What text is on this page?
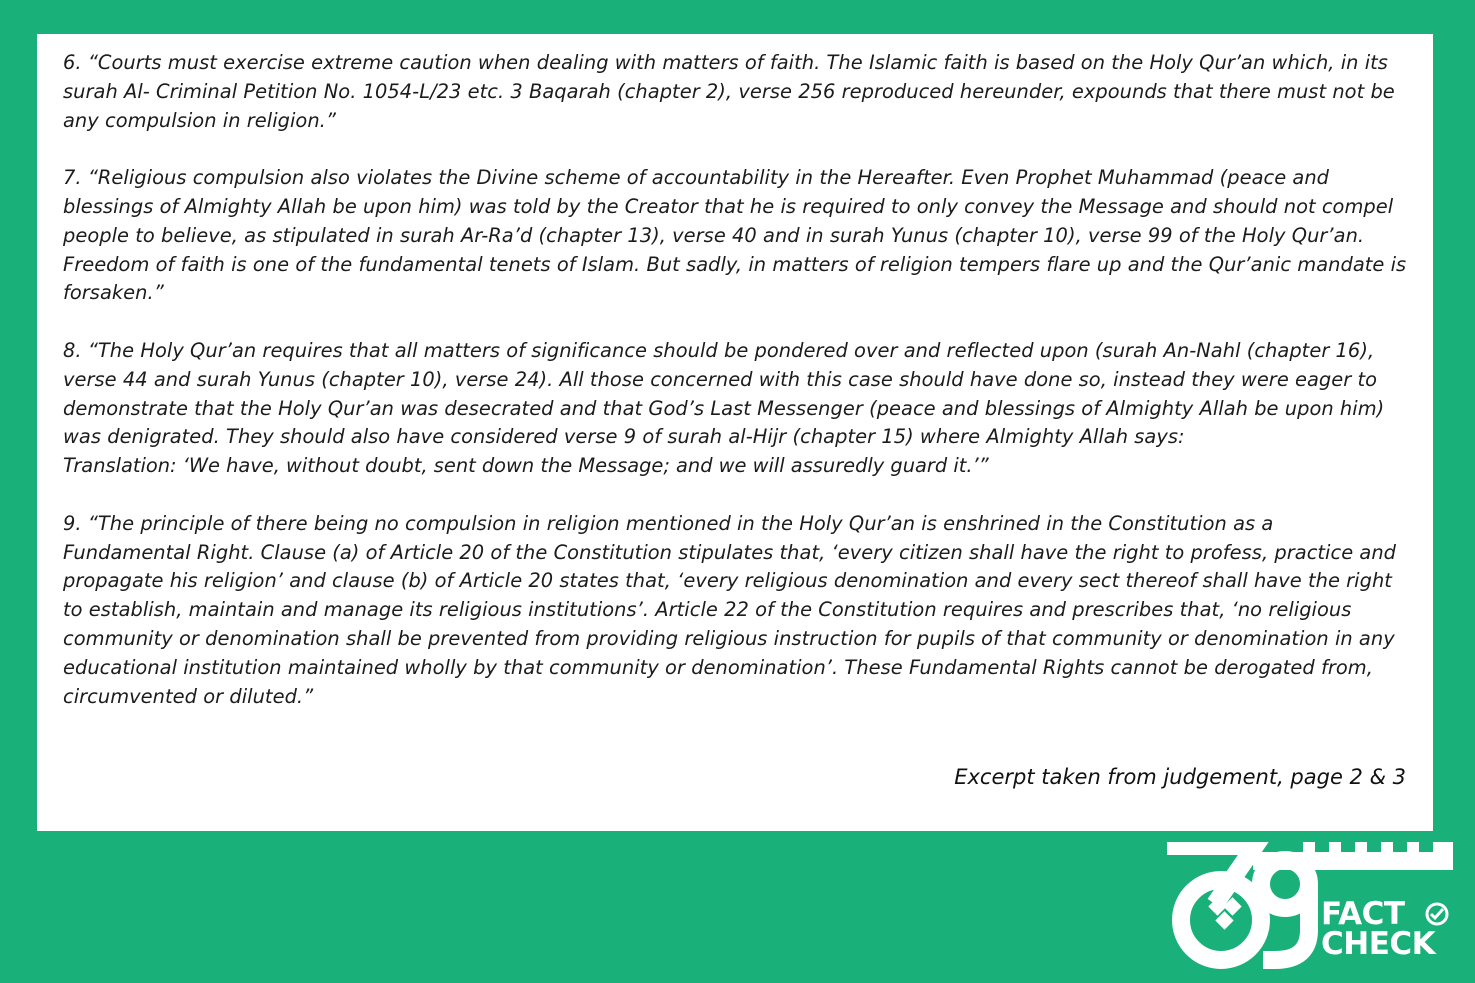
6. “Courts must exercise extreme caution when dealing with matters of faith. The Islamic faith is based on the Holy Qur’an which, in its surah Al- Criminal Petition No. 1054-L/23 etc. 3 Baqarah (chapter 2), verse 256 reproduced hereunder, expounds that there must not be any compulsion in religion.”

7. “Religious compulsion also violates the Divine scheme of accountability in the Hereafter. Even Prophet Muhammad (peace and blessings of Almighty Allah be upon him) was told by the Creator that he is required to only convey the Message and should not compel people to believe, as stipulated in surah Ar-Ra’d (chapter 13), verse 40 and in surah Yunus (chapter 10), verse 99 of the Holy Qur’an. Freedom of faith is one of the fundamental tenets of Islam. But sadly, in matters of religion tempers flare up and the Qur’anic mandate is forsaken.”

8. “The Holy Qur’an requires that all matters of significance should be pondered over and reflected upon (surah An-Nahl (chapter 16), verse 44 and surah Yunus (chapter 10), verse 24). All those concerned with this case should have done so, instead they were eager to demonstrate that the Holy Qur’an was desecrated and that God’s Last Messenger (peace and blessings of Almighty Allah be upon him) was denigrated. They should also have considered verse 9 of surah al-Hijr (chapter 15) where Almighty Allah says:

Translation: ‘We have, without doubt, sent down the Message; and we will assuredly guard it.’”

9. “The principle of there being no compulsion in religion mentioned in the Holy Qur’an is enshrined in the Constitution as a Fundamental Right. Clause (a) of Article 20 of the Constitution stipulates that, ‘every citizen shall have the right to profess, practice and propagate his religion’ and clause (b) of Article 20 states that, ‘every religious denomination and every sect thereof shall have the right to establish, maintain and manage its religious institutions’. Article 22 of the Constitution requires and prescribes that, ‘no religious community or denomination shall be prevented from providing religious instruction for pupils of that community or denomination in any educational institution maintained wholly by that community or denomination’. These Fundamental Rights cannot be derogated from, circumvented or diluted.”

Excerpt taken from judgement, page 2 & 3

FACT
CHECK
